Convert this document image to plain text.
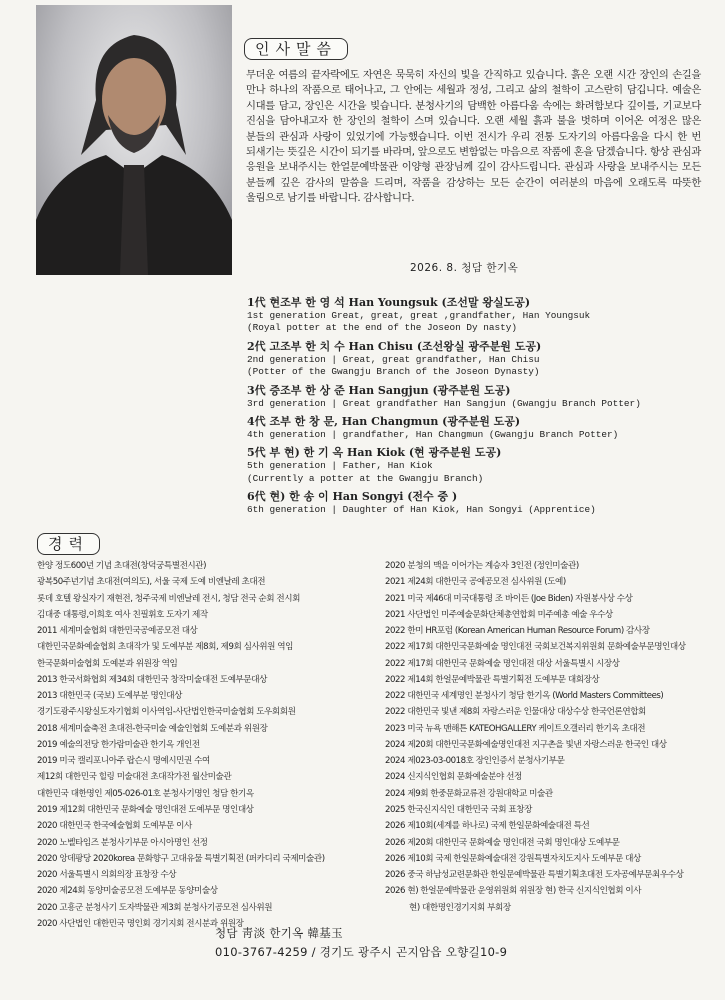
인사말씀

무더운 여름의 끝자락에도 자연은 묵묵히 자신의 빛을 간직하고 있습니다. 흙은 오랜 시간 장인의 손길을 만나 하나의 작품으로 태어나고, 그 안에는 세월과 정성, 그리고 삶의 철학이 고스란히 담깁니다. 예술은 시대를 담고, 장인은 시간을 빚습니다. 분청사기의 담백한 아름다움 속에는 화려함보다 깊이를, 기교보다 진심을 담아내고자 한 장인의 철학이 스며 있습니다. 오랜 세월 흙과 불을 벗하며 이어온 여정은 많은 분들의 관심과 사랑이 있었기에 가능했습니다. 이번 전시가 우리 전통 도자기의 아름다움을 다시 한 번 되새기는 뜻깊은 시간이 되기를 바라며, 앞으로도 변함없는 마음으로 작품에 혼을 담겠습니다. 항상 관심과 응원을 보내주시는 한얼문예박물관 이양형 관장님께 깊이 감사드립니다. 관심과 사랑을 보내주시는 모든 분들께 깊은 감사의 말씀을 드리며, 작품을 감상하는 모든 순간이 여러분의 마음에 오래도록 따뜻한 울림으로 남기를 바랍니다. 감사합니다.

2026. 8. 청담 한기옥
1代 현조부 한 영 석 Han Youngsuk (조선말 왕실도공)
1st generation Great, great, great ,grandfather, Han Youngsuk
(Royal potter at the end of the Joseon Dy nasty)
2代 고조부 한 치 수 Han Chisu (조선왕실 광주분원 도공)
2nd generation | Great, great grandfather, Han Chisu
(Potter of the Gwangju Branch of the Joseon Dynasty)
3代 증조부 한 상 준 Han Sangjun (광주분원 도공)
3rd generation | Great grandfather Han Sangjun (Gwangju Branch Potter)
4代 조부 한 창 문, Han Changmun (광주분원 도공)
4th generation | grandfather, Han Changmun (Gwangju Branch Potter)
5代 부 현) 한 기 옥 Han Kiok (현 광주분원 도공)
5th generation | Father, Han Kiok
(Currently a potter at the Gwangju Branch)
6代 현) 한 송 이 Han Songyi (전수 중 )
6th generation | Daughter of Han Kiok, Han Songyi (Apprentice)
경력
한양 정도600년 기념 초대전(창덕궁특별전시관)
광복50주년기념 초대전(여의도), 서울 국제 도예 비엔날레 초대전
롯데 호텔 왕실자기 재현전, 청주국제 비엔날레 전시, 청담 전국 순회 전시회
김대중 대통령,이희호 여사 친필휘호 도자기 제작
2011 세계미술협회 대한민국공예공모전 대상
대한민국문화예술협회 초대작가 및 도예부분 제8회, 제9회 심사위원 역임
한국문화미술협회 도예분과 위원장 역임
2013 한국서화협회 제34회 대한민국 창작미술대전 도예부문대상
2013 대한민국 (국보) 도예부분 명인대상
경기도광주시왕실도자기협회 이사역임-사단법인한국미술협회 도우회회원
2018 세계미술축전 초대전-한국미술 예술인협회 도예분과 위원장
2019 예술의전당 한가람미술관 한기옥 개인전
2019 미국 캘리포니아주 랍슨시 명예시민권 수여
제12회 대한민국 힐링 미술대전 초대작가전 월산미술관
대한민국 대한명인 제05-026-01호 분청사기명인 청담 한기옥
2019 제12회 대한민국 문화예술 명인대전 도예부문 명인대상
2020 대한민국 한국예술협회 도예부문 이사
2020 노벨타임즈 분청사기부문 아시아명인 선정
2020 앙데팡당 2020korea 문화향구 고대유물 특별기획전 (퍼카디리 국제미술관)
2020 서울특별시 의회의장 표창장 수상
2020 제24회 동양미술공모전 도예부문 동양미술상
2020 고흥군 분청사기 도자박물관 제3회 분청사기공모전 심사위원
2020 사단법인 대한민국 명인회 경기지회 전시분과 위원장
2020 분청의 맥을 이어가는 계승자 3인전 (정인미술관)
2021 제24회 대한민국 공예공모전 심사위원 (도예)
2021 미국 제46대 미국대통령 조 바이든 (Joe Biden) 자원봉사상 수상
2021 사단법인 미주예술문화단체총연합회 미주예총 예술 우수상
2022 한미 HR포럼 (Korean American Human Resource Forum) 감사장
2022 제17회 대한민국문화예술 명인대전 국회보건복지위원회 문화예술부문명인대상
2022 제17회 대한민국 문화예술 명인대전 대상 서울특별시 시장상
2022 제14회 한얼문예박물관 특별기획전 도예부문 대회장상
2022 대한민국 세계명인 분청사기 청담 한기옥 (World Masters Committees)
2022 대한민국 빛낸 제8회 자랑스러운 인물대상 대상수상 한국언론연합회
2023 미국 뉴욕 맨해튼 KATEOHGALLERY 케이트오갤러리 한기옥 초대전
2024 제20회 대한민국문화예술명인대전 지구촌을 빛낸 자랑스러운 한국인 대상
2024 제023-03-0018호 장인인증서 분청사기부문
2024 신지식인협회 문화예술분야 선정
2024 제9회 한중문화교류전 강원대학교 미술관
2025 한국신지식인 대한민국 국회 표창장
2026 제10회(세계를 하나로) 국제 한일문화예술대전 특선
2026 제20회 대한민국 문화예술 명인대전 국회 명인대상 도예부문
2026 제10회 국제 한일문화예술대전 강원특별자치도지사 도예부문 대상
2026 중국 하남성교련문화관 한일문예박물관 특별기획초대전 도자공예부문최우수상
2026 현) 한얼문예박물관 운영위원회 위원장 현) 한국 신지식인협회 이사
현) 대한명인경기지회 부회장
청담 靑淡 한기옥 韓基玉
010-3767-4259 / 경기도 광주시 곤지암읍 오향길10-9
